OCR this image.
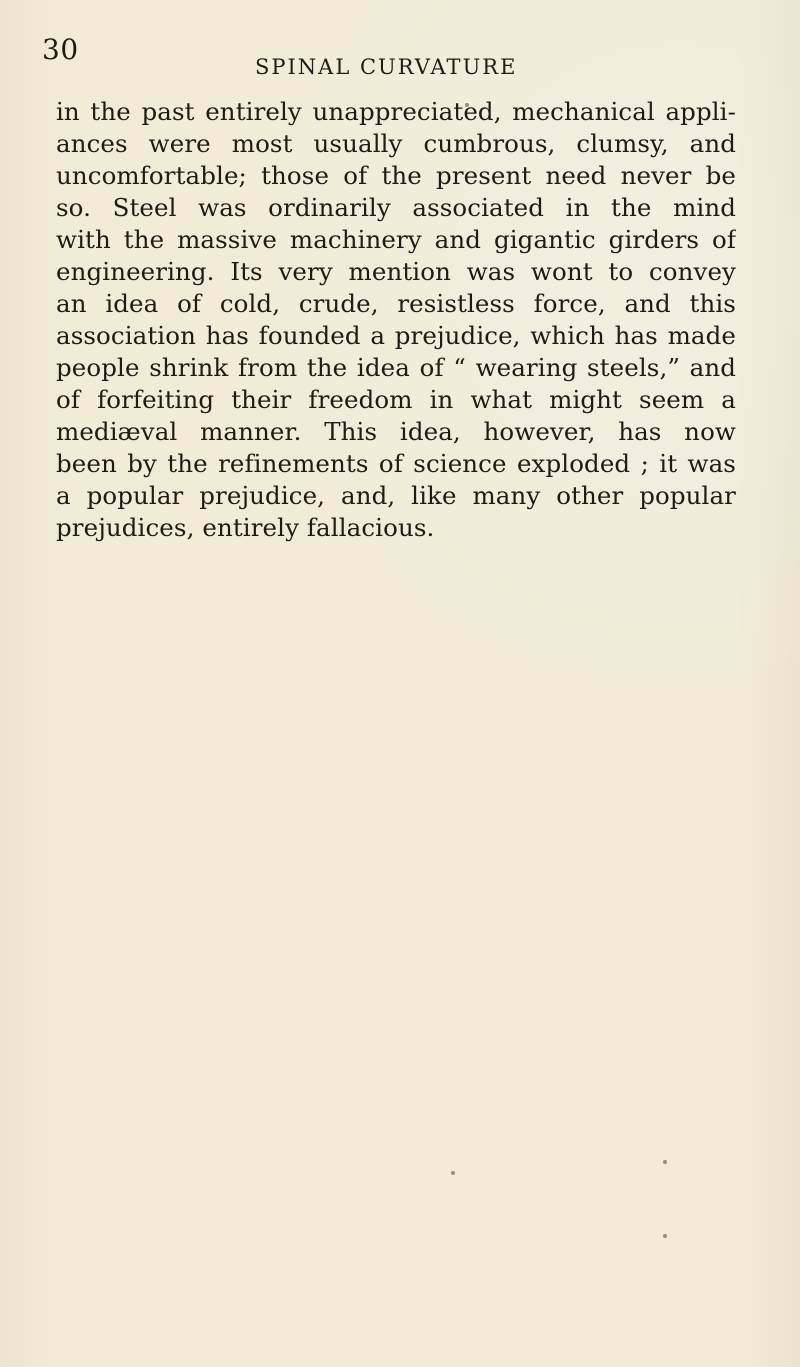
30
SPINAL CURVATURE
in the past entirely unappreciated, mechanical appli-
ances were most usually cumbrous, clumsy, and
uncomfortable; those of the present need never be
so. Steel was ordinarily associated in the mind
with the massive machinery and gigantic girders of
engineering. Its very mention was wont to convey
an idea of cold, crude, resistless force, and this
association has founded a prejudice, which has made
people shrink from the idea of “ wearing steels,” and
of forfeiting their freedom in what might seem a
mediæval manner. This idea, however, has now
been by the refinements of science exploded ; it was
a popular prejudice, and, like many other popular
prejudices, entirely fallacious.
